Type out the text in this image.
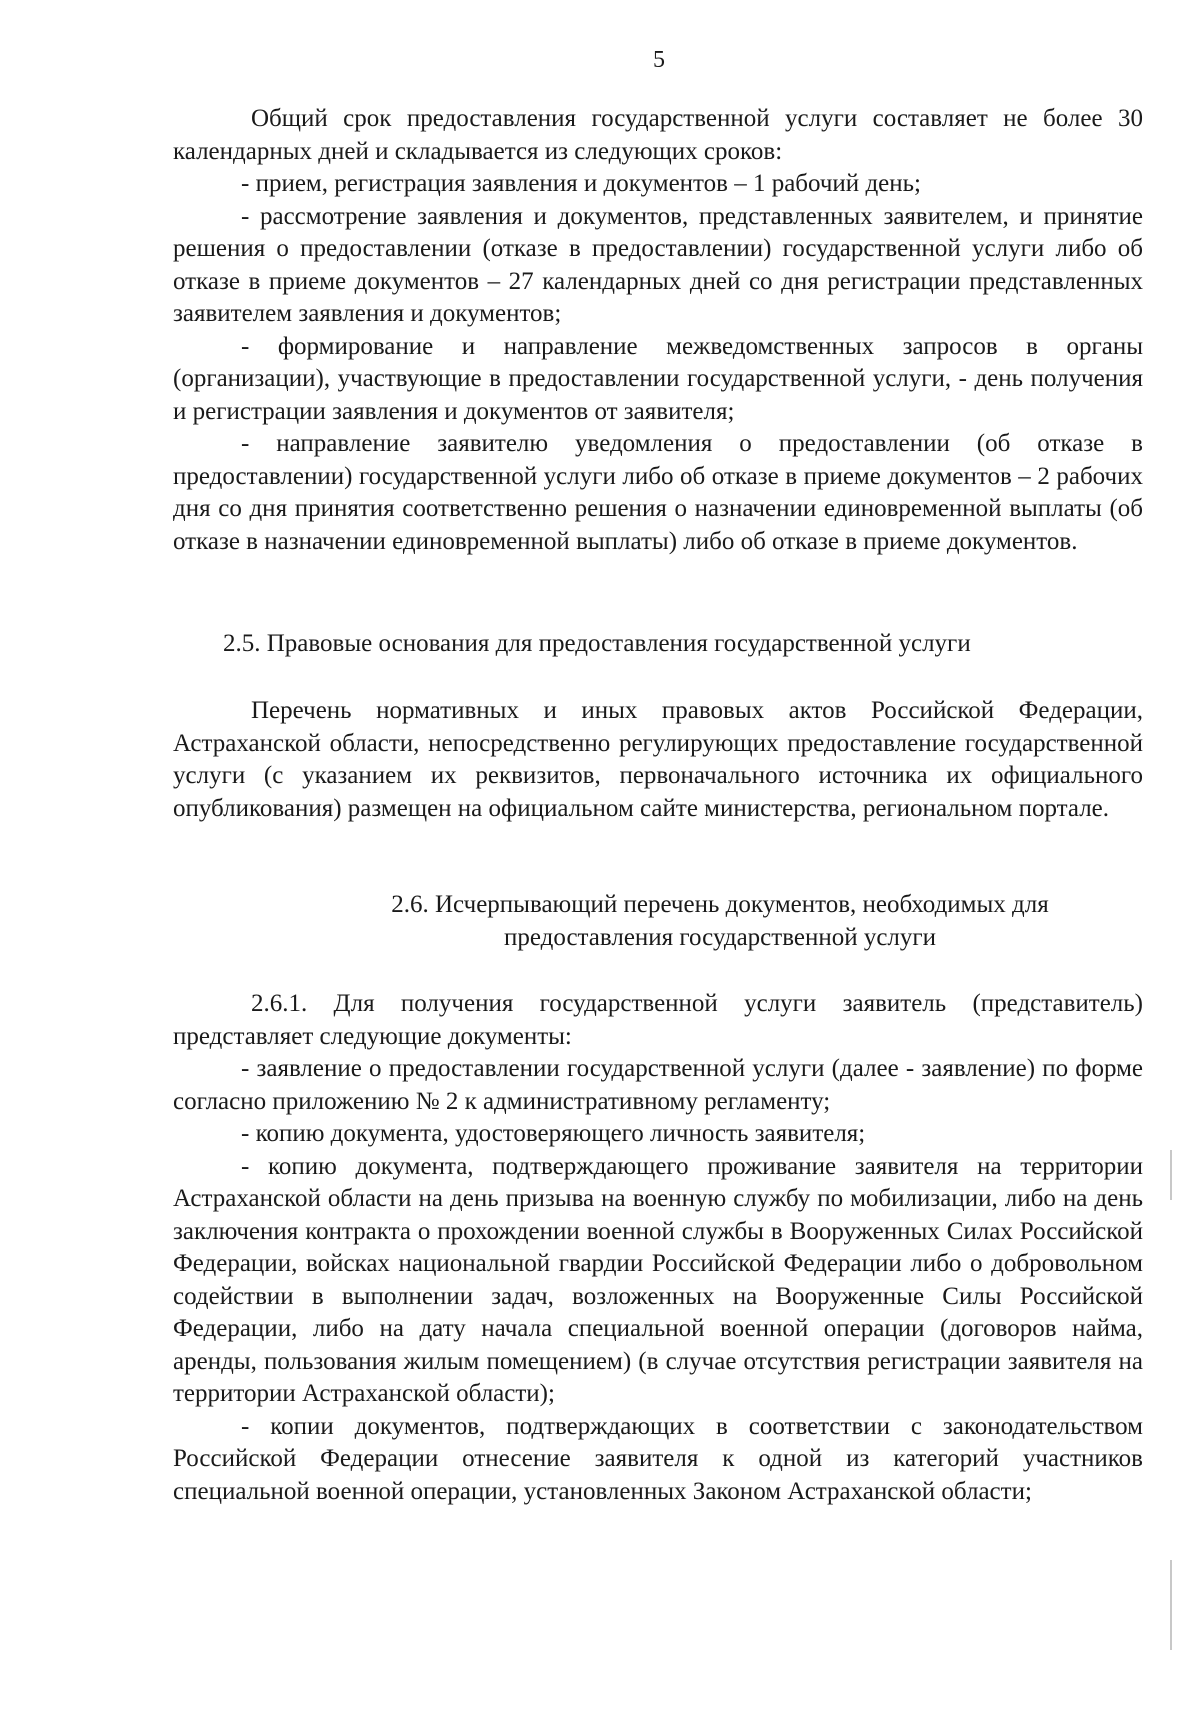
5

Общий срок предоставления государственной услуги составляет не более 30 календарных дней и складывается из следующих сроков:

- прием, регистрация заявления и документов – 1 рабочий день;

- рассмотрение заявления и документов, представленных заявителем, и принятие решения о предоставлении (отказе в предоставлении) государственной услуги либо об отказе в приеме документов – 27 календарных дней со дня регистрации представленных заявителем заявления и документов;

- формирование и направление межведомственных запросов в органы (организации), участвующие в предоставлении государственной услуги, - день получения и регистрации заявления и документов от заявителя;

- направление заявителю уведомления о предоставлении (об отказе в предоставлении) государственной услуги либо об отказе в приеме документов – 2 рабочих дня со дня принятия соответственно решения о назначении единовременной выплаты (об отказе в назначении единовременной выплаты) либо об отказе в приеме документов.

2.5. Правовые основания для предоставления государственной услуги

Перечень нормативных и иных правовых актов Российской Федерации, Астраханской области, непосредственно регулирующих предоставление государственной услуги (с указанием их реквизитов, первоначального источника их официального опубликования) размещен на официальном сайте министерства, региональном портале.

2.6. Исчерпывающий перечень документов, необходимых для
предоставления государственной услуги

2.6.1. Для получения государственной услуги заявитель (представитель) представляет следующие документы:

- заявление о предоставлении государственной услуги (далее - заявление) по форме согласно приложению № 2 к административному регламенту;

- копию документа, удостоверяющего личность заявителя;

- копию документа, подтверждающего проживание заявителя на территории Астраханской области на день призыва на военную службу по мобилизации, либо на день заключения контракта о прохождении военной службы в Вооруженных Силах Российской Федерации, войсках национальной гвардии Российской Федерации либо о добровольном содействии в выполнении задач, возложенных на Вооруженные Силы Российской Федерации, либо на дату начала специальной военной операции (договоров найма, аренды, пользования жилым помещением) (в случае отсутствия регистрации заявителя на территории Астраханской области);

- копии документов, подтверждающих в соответствии с законодательством Российской Федерации отнесение заявителя к одной из категорий участников специальной военной операции, установленных Законом Астраханской области;
